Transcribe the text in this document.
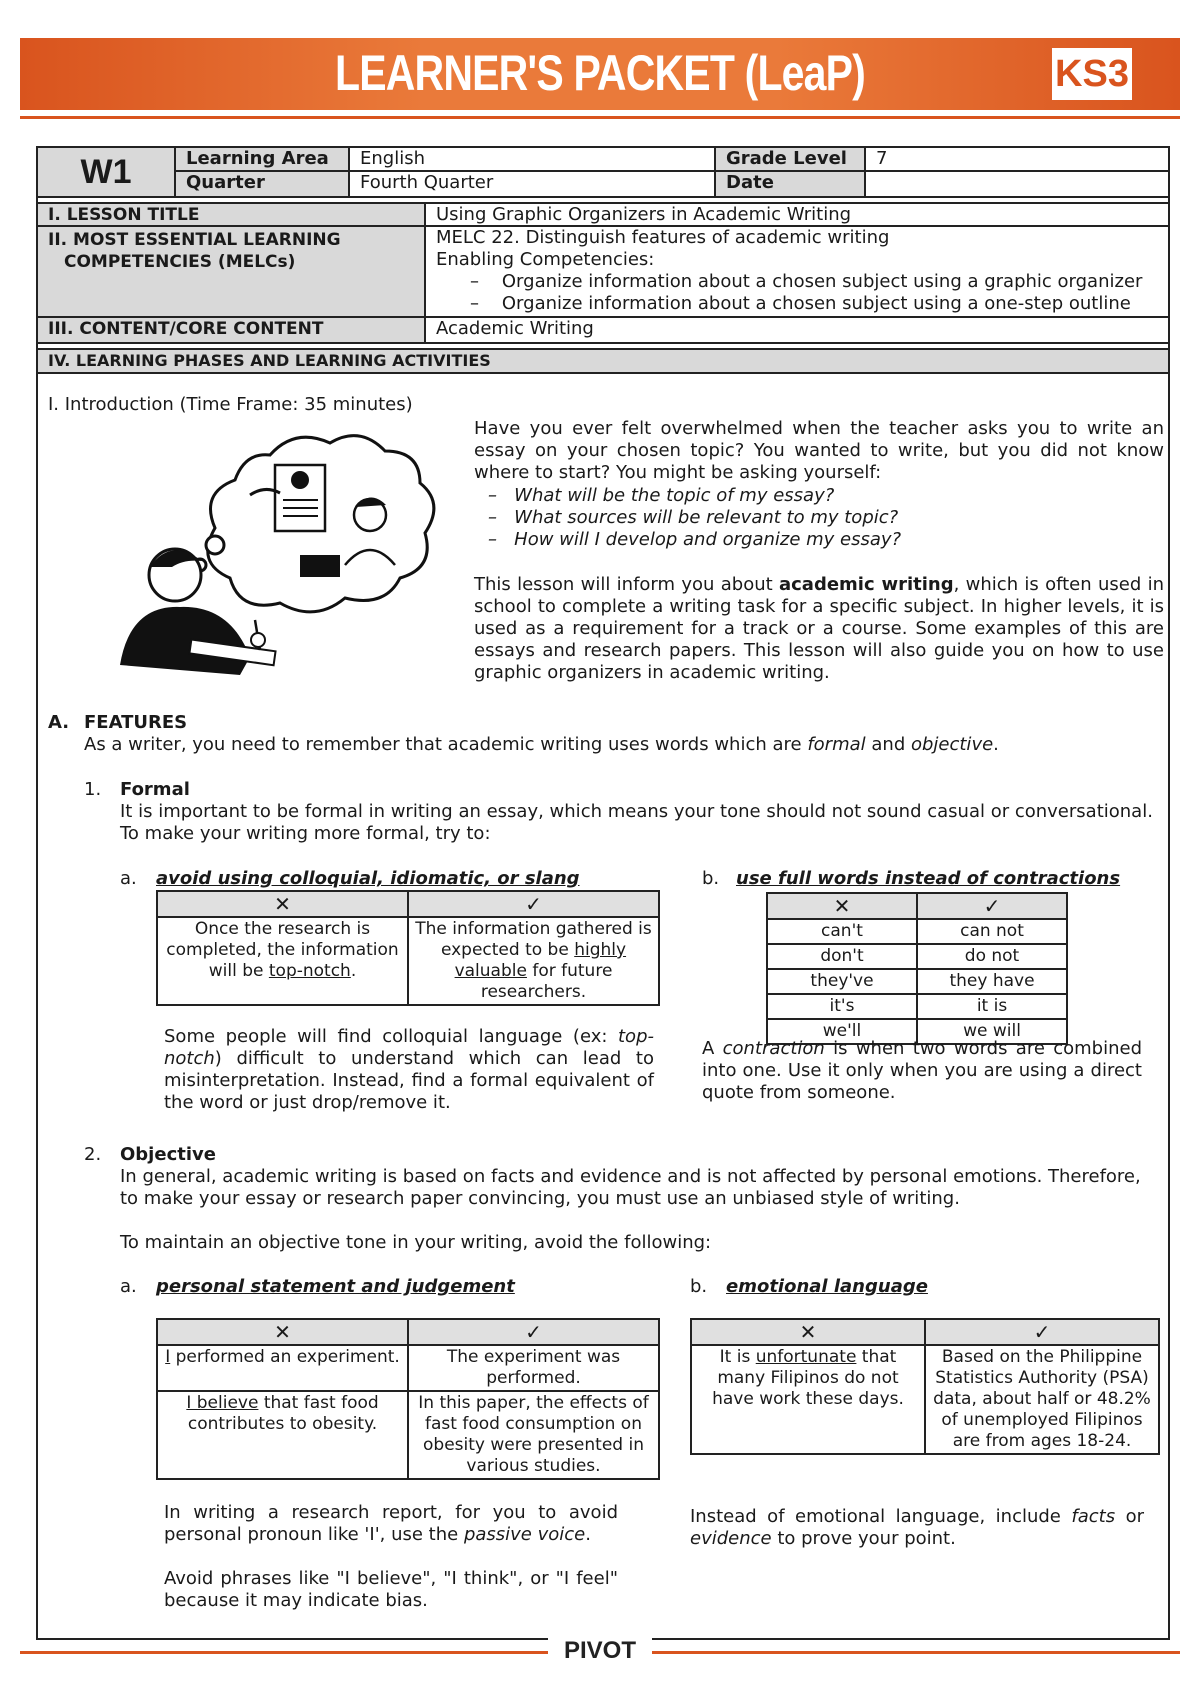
LEARNER'S PACKET (LeaP)	KS3
W1	Learning Area	English	Grade Level	7
Quarter	Fourth Quarter	Date
I. LESSON TITLE	Using Graphic Organizers in Academic Writing
II. MOST ESSENTIAL LEARNING
COMPETENCIES (MELCs)
MELC 22. Distinguish features of academic writing
Enabling Competencies:
–    Organize information about a chosen subject using a graphic organizer
–    Organize information about a chosen subject using a one-step outline
III. CONTENT/CORE CONTENT	Academic Writing
IV. LEARNING PHASES AND LEARNING ACTIVITIES
I. Introduction (Time Frame: 35 minutes)
Have you ever felt overwhelmed when the teacher asks you to write an essay on your chosen topic? You wanted to write, but you did not know where to start? You might be asking yourself:
–   What will be the topic of my essay?
–   What sources will be relevant to my topic?
–   How will I develop and organize my essay?
This lesson will inform you about academic writing, which is often used in school to complete a writing task for a specific subject. In higher levels, it is used as a requirement for a track or a course. Some examples of this are essays and research papers. This lesson will also guide you on how to use graphic organizers in academic writing.
A. FEATURES
As a writer, you need to remember that academic writing uses words which are formal and objective.
1. Formal
It is important to be formal in writing an essay, which means your tone should not sound casual or conversational. To make your writing more formal, try to:
a. avoid using colloquial, idiomatic, or slang
✕	✓
Once the research is completed, the information will be top-notch.	The information gathered is expected to be highly valuable for future researchers.
Some people will find colloquial language (ex: top-notch) difficult to understand which can lead to misinterpretation. Instead, find a formal equivalent of the word or just drop/remove it.
b. use full words instead of contractions
✕	✓
can't	can not
don't	do not
they've	they have
it's	it is
we'll	we will
A contraction is when two words are combined into one. Use it only when you are using a direct quote from someone.
2. Objective
In general, academic writing is based on facts and evidence and is not affected by personal emotions. Therefore, to make your essay or research paper convincing, you must use an unbiased style of writing.
To maintain an objective tone in your writing, avoid the following:
a. personal statement and judgement
✕	✓
I performed an experiment.	The experiment was performed.
I believe that fast food contributes to obesity.	In this paper, the effects of fast food consumption on obesity were presented in various studies.
In writing a research report, for you to avoid personal pronoun like 'I', use the passive voice.
Avoid phrases like "I believe", "I think", or "I feel" because it may indicate bias.
b. emotional language
✕	✓
It is unfortunate that many Filipinos do not have work these days.	Based on the Philippine Statistics Authority (PSA) data, about half or 48.2% of unemployed Filipinos are from ages 18-24.
Instead of emotional language, include facts or evidence to prove your point.
PIVOT
